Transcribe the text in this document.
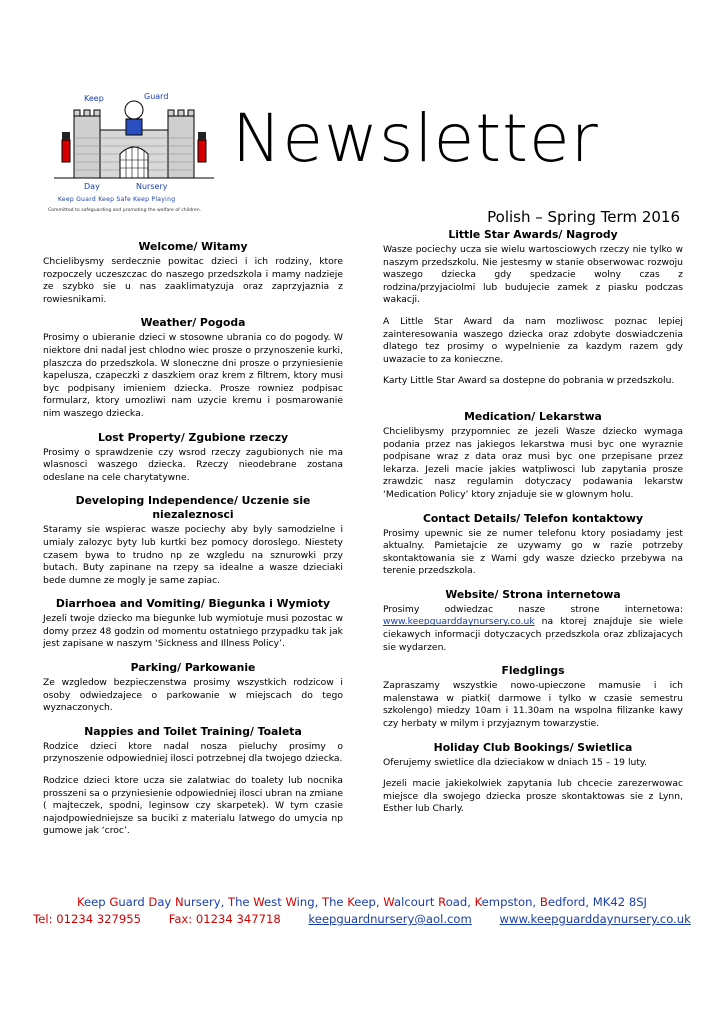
Keep	Guard
Day	Nursery
Keep Guard Keep Safe Keep Playing
Committed to safeguarding and promoting the welfare of children.
Newsletter
Polish – Spring Term 2016
Welcome/ Witamy

Chcielibysmy serdecznie powitac dzieci i ich rodziny, ktore rozpoczely uczeszczac do naszego przedszkola i mamy nadzieje ze szybko sie u nas zaaklimatyzuja oraz zaprzyjaznia z rowiesnikami.

Weather/ Pogoda

Prosimy o ubieranie dzieci w stosowne ubrania co do pogody. W niektore dni nadal jest chlodno wiec prosze o przynoszenie kurki, plaszcza do przedszkola. W sloneczne dni prosze o przyniesienie kapelusza, czapeczki z daszkiem oraz krem z filtrem, ktory musi byc podpisany imieniem dziecka. Prosze rowniez podpisac formularz, ktory umozliwi nam uzycie kremu i posmarowanie nim waszego dziecka.

Lost Property/ Zgubione rzeczy

Prosimy o sprawdzenie czy wsrod rzeczy zagubionych nie ma wlasnosci waszego dziecka. Rzeczy nieodebrane zostana odeslane na cele charytatywne.

Developing Independence/ Uczenie sie niezaleznosci

Staramy sie wspierac wasze pociechy aby byly samodzielne i umialy zalozyc byty lub kurtki bez pomocy doroslego. Niestety czasem bywa to trudno np ze wzgledu na sznurowki przy butach. Buty zapinane na rzepy sa idealne a wasze dzieciaki bede dumne ze mogly je same zapiac.

Diarrhoea and Vomiting/ Biegunka i Wymioty

Jezeli twoje dziecko ma biegunke lub wymiotuje musi pozostac w domy przez 48 godzin od momentu ostatniego przypadku tak jak jest zapisane w naszym ‘Sickness and Illness Policy’.

Parking/ Parkowanie

Ze wzgledow bezpieczenstwa prosimy wszystkich rodzicow i osoby odwiedzajece o parkowanie w miejscach do tego wyznaczonych.

Nappies and Toilet Training/ Toaleta

Rodzice dzieci ktore nadal nosza pieluchy prosimy o przynoszenie odpowiedniej ilosci potrzebnej dla twojego dziecka.

Rodzice dzieci ktore ucza sie zalatwiac do toalety lub nocnika prosszeni sa o przyniesienie odpowiedniej ilosci ubran na zmiane ( majteczek, spodni, leginsow czy skarpetek). W tym czasie najodpowiedniejsze sa buciki z materialu latwego do umycia np gumowe jak ‘croc’.

Little Star Awards/ Nagrody

Wasze pociechy ucza sie wielu wartosciowych rzeczy nie tylko w naszym przedszkolu. Nie jestesmy w stanie obserwowac rozwoju waszego dziecka gdy spedzacie wolny czas z rodzina/przyjaciolmi lub budujecie zamek z piasku podczas wakacji.

A Little Star Award da nam mozliwosc poznac lepiej zainteresowania waszego dziecka oraz zdobyte doswiadczenia dlatego tez prosimy o wypelnienie za kazdym razem gdy uwazacie to za konieczne.

Karty Little Star Award sa dostepne do pobrania w przedszkolu.

Medication/ Lekarstwa

Chcielibysmy przypomniec ze jezeli Wasze dziecko wymaga podania przez nas jakiegos lekarstwa musi byc one wyraznie podpisane wraz z data oraz musi byc one przepisane przez lekarza. Jezeli macie jakies watpliwosci lub zapytania prosze zrawdzic nasz regulamin dotyczacy podawania lekarstw ‘Medication Policy’ ktory znjaduje sie w glownym holu.

Contact Details/ Telefon kontaktowy

Prosimy upewnic sie ze numer telefonu ktory posiadamy jest aktualny. Pamietajcie ze uzywamy go w razie potrzeby skontaktowania sie z Wami gdy wasze dziecko przebywa na terenie przedszkola.

Website/ Strona internetowa

Prosimy odwiedzac nasze strone internetowa: www.keepguarddaynursery.co.uk na ktorej znajduje sie wiele ciekawych informacji dotyczacych przedszkola oraz zblizajacych sie wydarzen.

Fledglings

Zapraszamy wszystkie nowo-upieczone mamusie i ich malenstawa w piatki( darmowe i tylko w czasie semestru szkolengo) miedzy 10am i 11.30am na wspolna filizanke kawy czy herbaty w milym i przyjaznym towarzystie.

Holiday Club Bookings/ Swietlica

Oferujemy swietlice dla dzieciakow w dniach 15 – 19 luty.

Jezeli macie jakiekolwiek zapytania lub chcecie zarezerwowac miejsce dla swojego dziecka prosze skontaktowas sie z Lynn, Esther lub Charly.

Keep Guard Day Nursery, The West Wing, The Keep, Walcourt Road, Kempston, Bedford, MK42 8SJ
Tel: 01234 327955 Fax: 01234 347718 keepguardnursery@aol.com www.keepguarddaynursery.co.uk
